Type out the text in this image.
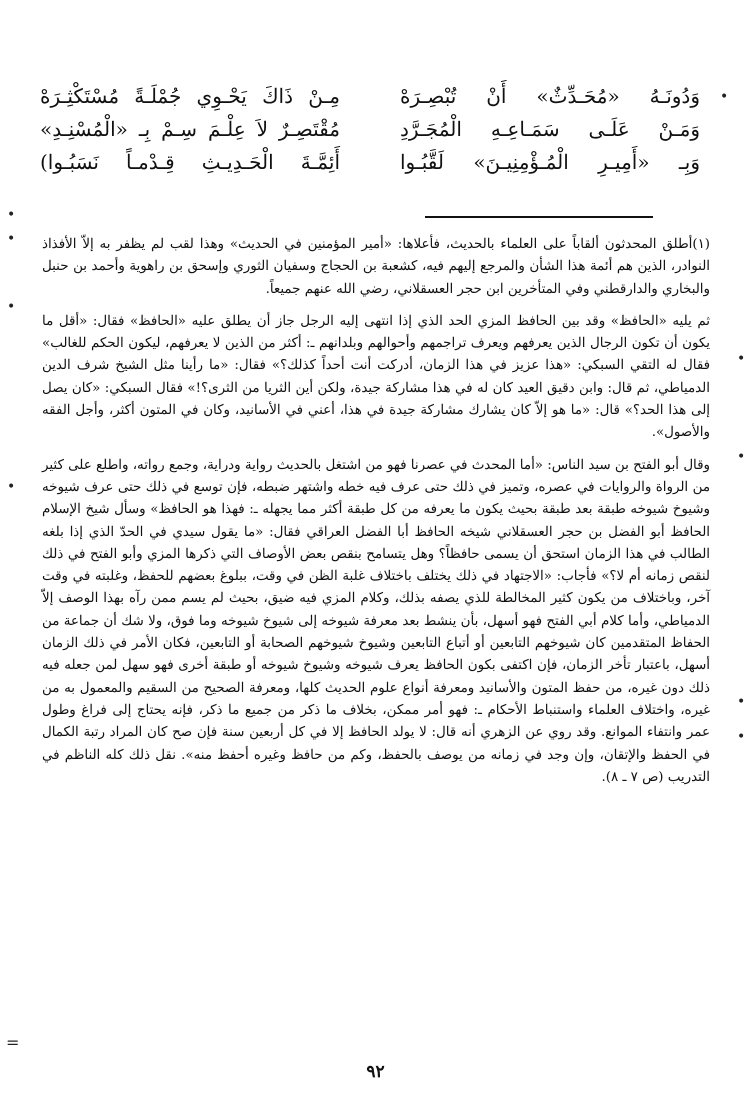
وَدُونَـهُ «مُحَـدِّثٌ» أَنْ تُبْصِـرَهْ
مِـنْ ذَاكَ يَحْـوِي جُمْلَـةً مُسْتَكْثِـرَهْ
وَمَـنْ عَلَـى سَمَـاعِـهِ الْمُجَـرَّدِ
مُقْتَصِـرٌ لاَ عِلْـمَ سِـمْ بِـ «الْمُسْنِـدِ»
وَبِـ «أَمِيـرِ الْمُـؤْمِنِيـنَ» لَقَّبُـوا
أَئِمَّـةَ الْحَـدِيـثِ قِـدْمـاً نَسَبُـوا)

(١)أطلق المحدثون ألقاباً على العلماء بالحديث، فأعلاها: «أمير المؤمنين في الحديث» وهذا لقب لم يظفر به إلاّ الأفذاذ النوادر، الذين هم أئمة هذا الشأن والمرجع إليهم فيه، كشعبة بن الحجاج وسفيان الثوري وإسحق بن راهوية وأحمد بن حنبل والبخاري والدارقطني وفي المتأخرين ابن حجر العسقلاني، رضي الله عنهم جميعاً.

ثم يليه «الحافظ» وقد بين الحافظ المزي الحد الذي إذا انتهى إليه الرجل جاز أن يطلق عليه «الحافظ» فقال: «أقل ما يكون أن تكون الرجال الذين يعرفهم ويعرف تراجمهم وأحوالهم وبلدانهم ـ: أكثر من الذين لا يعرفهم، ليكون الحكم للغالب» فقال له التقي السبكي: «هذا عزيز في هذا الزمان، أدركت أنت أحداً كذلك؟» فقال: «ما رأينا مثل الشيخ شرف الدين الدمياطي، ثم قال: وابن دقيق العيد كان له في هذا مشاركة جيدة، ولكن أين الثريا من الثرى؟!» فقال السبكي: «كان يصل إلى هذا الحد؟» قال: «ما هو إلاّ كان يشارك مشاركة جيدة في هذا، أعني في الأسانيد، وكان في المتون أكثر، وأجل الفقه والأصول».

وقال أبو الفتح بن سيد الناس: «أما المحدث في عصرنا فهو من اشتغل بالحديث رواية ودراية، وجمع رواته، واطلع على كثير من الرواة والروايات في عصره، وتميز في ذلك حتى عرف فيه خطه واشتهر ضبطه، فإن توسع في ذلك حتى عرف شيوخه وشيوخ شيوخه طبقة بعد طبقة بحيث يكون ما يعرفه من كل طبقة أكثر مما يجهله ـ: فهذا هو الحافظ» وسأل شيخ الإسلام الحافظ أبو الفضل بن حجر العسقلاني شيخه الحافظ أبا الفضل العراقي فقال: «ما يقول سيدي في الحدّ الذي إذا بلغه الطالب في هذا الزمان استحق أن يسمى حافظاً؟ وهل يتسامح بنقص بعض الأوصاف التي ذكرها المزي وأبو الفتح في ذلك لنقص زمانه أم لا؟» فأجاب: «الاجتهاد في ذلك يختلف باختلاف غلبة الظن في وقت، ببلوغ بعضهم للحفظ، وغلبته في وقت آخر، وباختلاف من يكون كثير المخالطة للذي يصفه بذلك، وكلام المزي فيه ضيق، بحيث لم يسم ممن رآه بهذا الوصف إلاّ الدمياطي، وأما كلام أبي الفتح فهو أسهل، بأن ينشط بعد معرفة شيوخه إلى شيوخ شيوخه وما فوق، ولا شك أن جماعة من الحفاظ المتقدمين كان شيوخهم التابعين أو أتباع التابعين وشيوخ شيوخهم الصحابة أو التابعين، فكان الأمر في ذلك الزمان أسهل، باعتبار تأخر الزمان، فإن اكتفى بكون الحافظ يعرف شيوخه وشيوخ شيوخه أو طبقة أخرى فهو سهل لمن جعله فيه ذلك دون غيره، من حفظ المتون والأسانيد ومعرفة أنواع علوم الحديث كلها، ومعرفة الصحيح من السقيم والمعمول به من غيره، واختلاف العلماء واستنباط الأحكام ـ: فهو أمر ممكن، بخلاف ما ذكر من جميع ما ذكر، فإنه يحتاج إلى فراغ وطول عمر وانتفاء الموانع. وقد روي عن الزهري أنه قال: لا يولد الحافظ إلا في كل أربعين سنة فإن صح كان المراد رتبة الكمال في الحفظ والإتقان، وإن وجد في زمانه من يوصف بالحفظ، وكم من حافظ وغيره أحفظ منه». نقل ذلك كله الناظم في التدريب (ص ٧ ـ ٨).

٩٢
•
•
•
•
•
•
•
•
•
=
